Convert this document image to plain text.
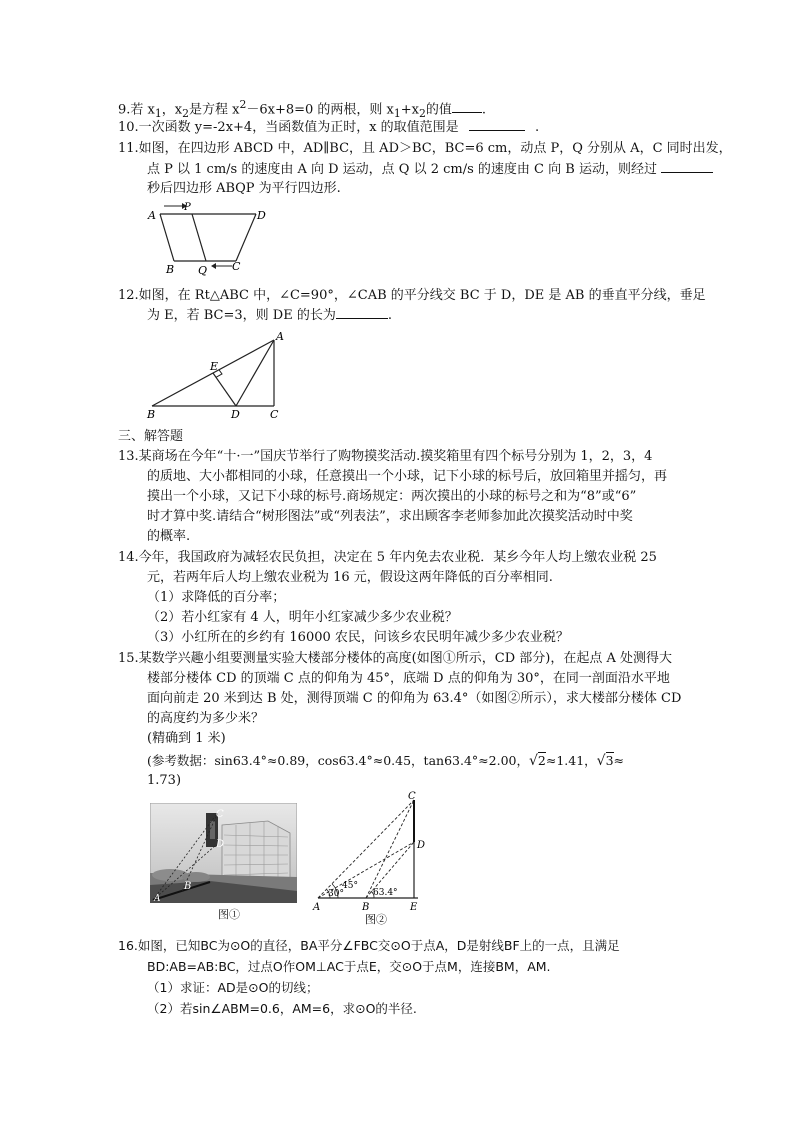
9.若 $x_1$，$x_2$是方程 $x^2-6x+8=0$ 的两根，则 $x_1+x_2$的值 .
10.一次函数 y=-2x+4，当函数值为正时，x 的取值范围是	.
11.如图，在四边形 ABCD 中，AD∥BC，且 AD＞BC，BC=6 cm，动点 P，Q 分别从 A，C 同时出发，
点 P 以 1 cm/s 的速度由 A 向 D 运动，点 Q 以 2 cm/s 的速度由 C 向 B 运动，则经过
秒后四边形 ABQP 为平行四边形.
A
P
D
B Q C
12.如图，在 Rt△ABC 中，∠C=90°，∠CAB 的平分线交 BC 于 D，DE 是 AB 的垂直平分线，垂足
为 E，若 BC=3，则 DE 的长为	.
A
E
B	D	C
三、解答题
13.某商场在今年“十·一”国庆节举行了购物摸奖活动.摸奖箱里有四个标号分别为 1，2，3，4
的质地、大小都相同的小球，任意摸出一个小球，记下小球的标号后，放回箱里并摇匀，再
摸出一个小球，又记下小球的标号.商场规定：两次摸出的小球的标号之和为“8”或“6”
时才算中奖.请结合“树形图法”或“列表法”，求出顾客李老师参加此次摸奖活动时中奖
的概率.
14.今年，我国政府为减轻农民负担，决定在 5 年内免去农业税．某乡今年人均上缴农业税 25
元，若两年后人均上缴农业税为 16 元，假设这两年降低的百分率相同.
（1）求降低的百分率；
（2）若小红家有 4 人，明年小红家减少多少农业税？
（3）小红所在的乡约有 16000 农民，问该乡农民明年减少多少农业税？
15.某数学兴趣小组要测量实验大楼部分楼体的高度(如图①所示，CD 部分)，在起点 A 处测得大
楼部分楼体 CD 的顶端 C 点的仰角为 45°，底端 D 点的仰角为 30°，在同一剖面沿水平地
面向前走 20 米到达 B 处，测得顶端 C 的仰角为 63.4°（如图②所示），求大楼部分楼体 CD
的高度约为多少米？
(精确到 1 米)
(参考数据：sin63.4°≈0.89，cos63.4°≈0.45，tan63.4°≈2.00，√2≈1.41，√3≈
1.73)
C
D
B
A
图①
C
D
A	B	E
45°
30°	63.4°
图②
16.如图，已知BC为⊙O的直径，BA平分∠FBC交⊙O于点A，D是射线BF上的一点，且满足
BD:AB=AB:BC，过点O作OM⊥AC于点E，交⊙O于点M，连接BM，AM.
（1）求证：AD是⊙O的切线；
（2）若sin∠ABM=0.6，AM=6，求⊙O的半径.
